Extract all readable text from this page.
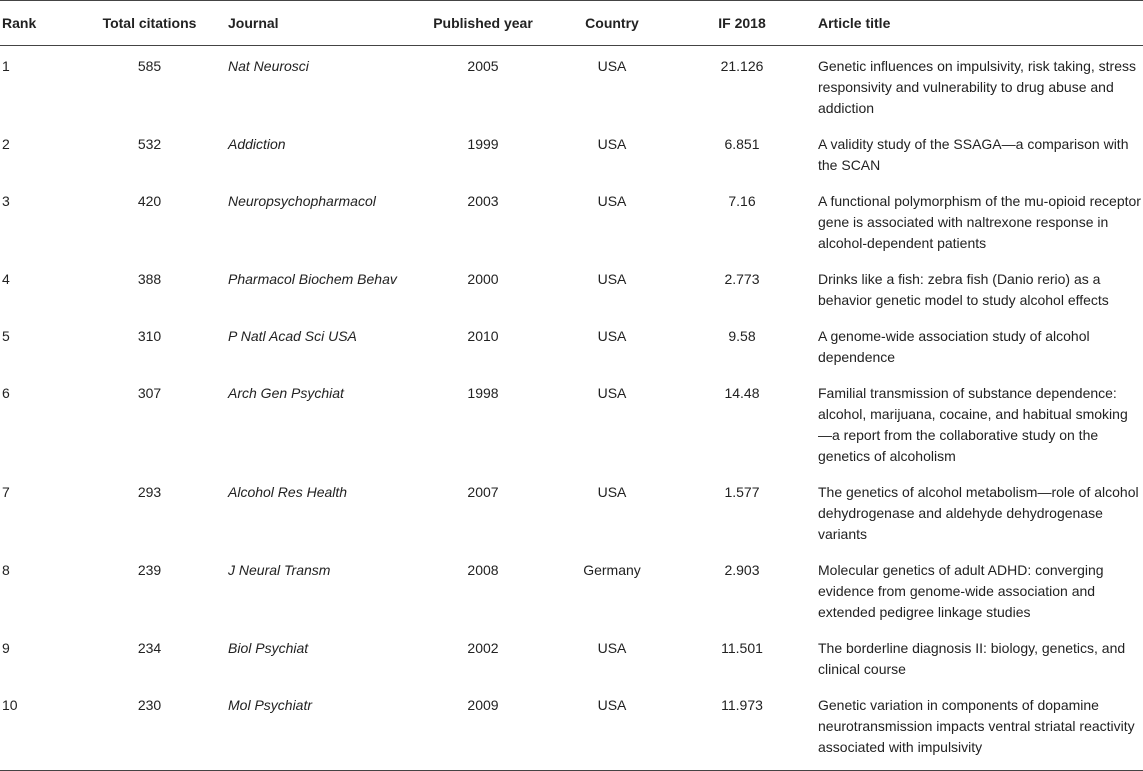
Rank	Total citations	Journal	Published year	Country	IF 2018	Article title
1	585	Nat Neurosci	2005	USA	21.126	Genetic influences on impulsivity, risk taking, stress responsivity and vulnerability to drug abuse and addiction
2	532	Addiction	1999	USA	6.851	A validity study of the SSAGA—a comparison with the SCAN
3	420	Neuropsychopharmacol	2003	USA	7.16	A functional polymorphism of the mu-opioid receptor gene is associated with naltrexone response in alcohol-dependent patients
4	388	Pharmacol Biochem Behav	2000	USA	2.773	Drinks like a fish: zebra fish (Danio rerio) as a behavior genetic model to study alcohol effects
5	310	P Natl Acad Sci USA	2010	USA	9.58	A genome-wide association study of alcohol dependence
6	307	Arch Gen Psychiat	1998	USA	14.48	Familial transmission of substance dependence: alcohol, marijuana, cocaine, and habitual smoking—a report from the collaborative study on the genetics of alcoholism
7	293	Alcohol Res Health	2007	USA	1.577	The genetics of alcohol metabolism—role of alcohol dehydrogenase and aldehyde dehydrogenase variants
8	239	J Neural Transm	2008	Germany	2.903	Molecular genetics of adult ADHD: converging evidence from genome-wide association and extended pedigree linkage studies
9	234	Biol Psychiat	2002	USA	11.501	The borderline diagnosis II: biology, genetics, and clinical course
10	230	Mol Psychiatr	2009	USA	11.973	Genetic variation in components of dopamine neurotransmission impacts ventral striatal reactivity associated with impulsivity
